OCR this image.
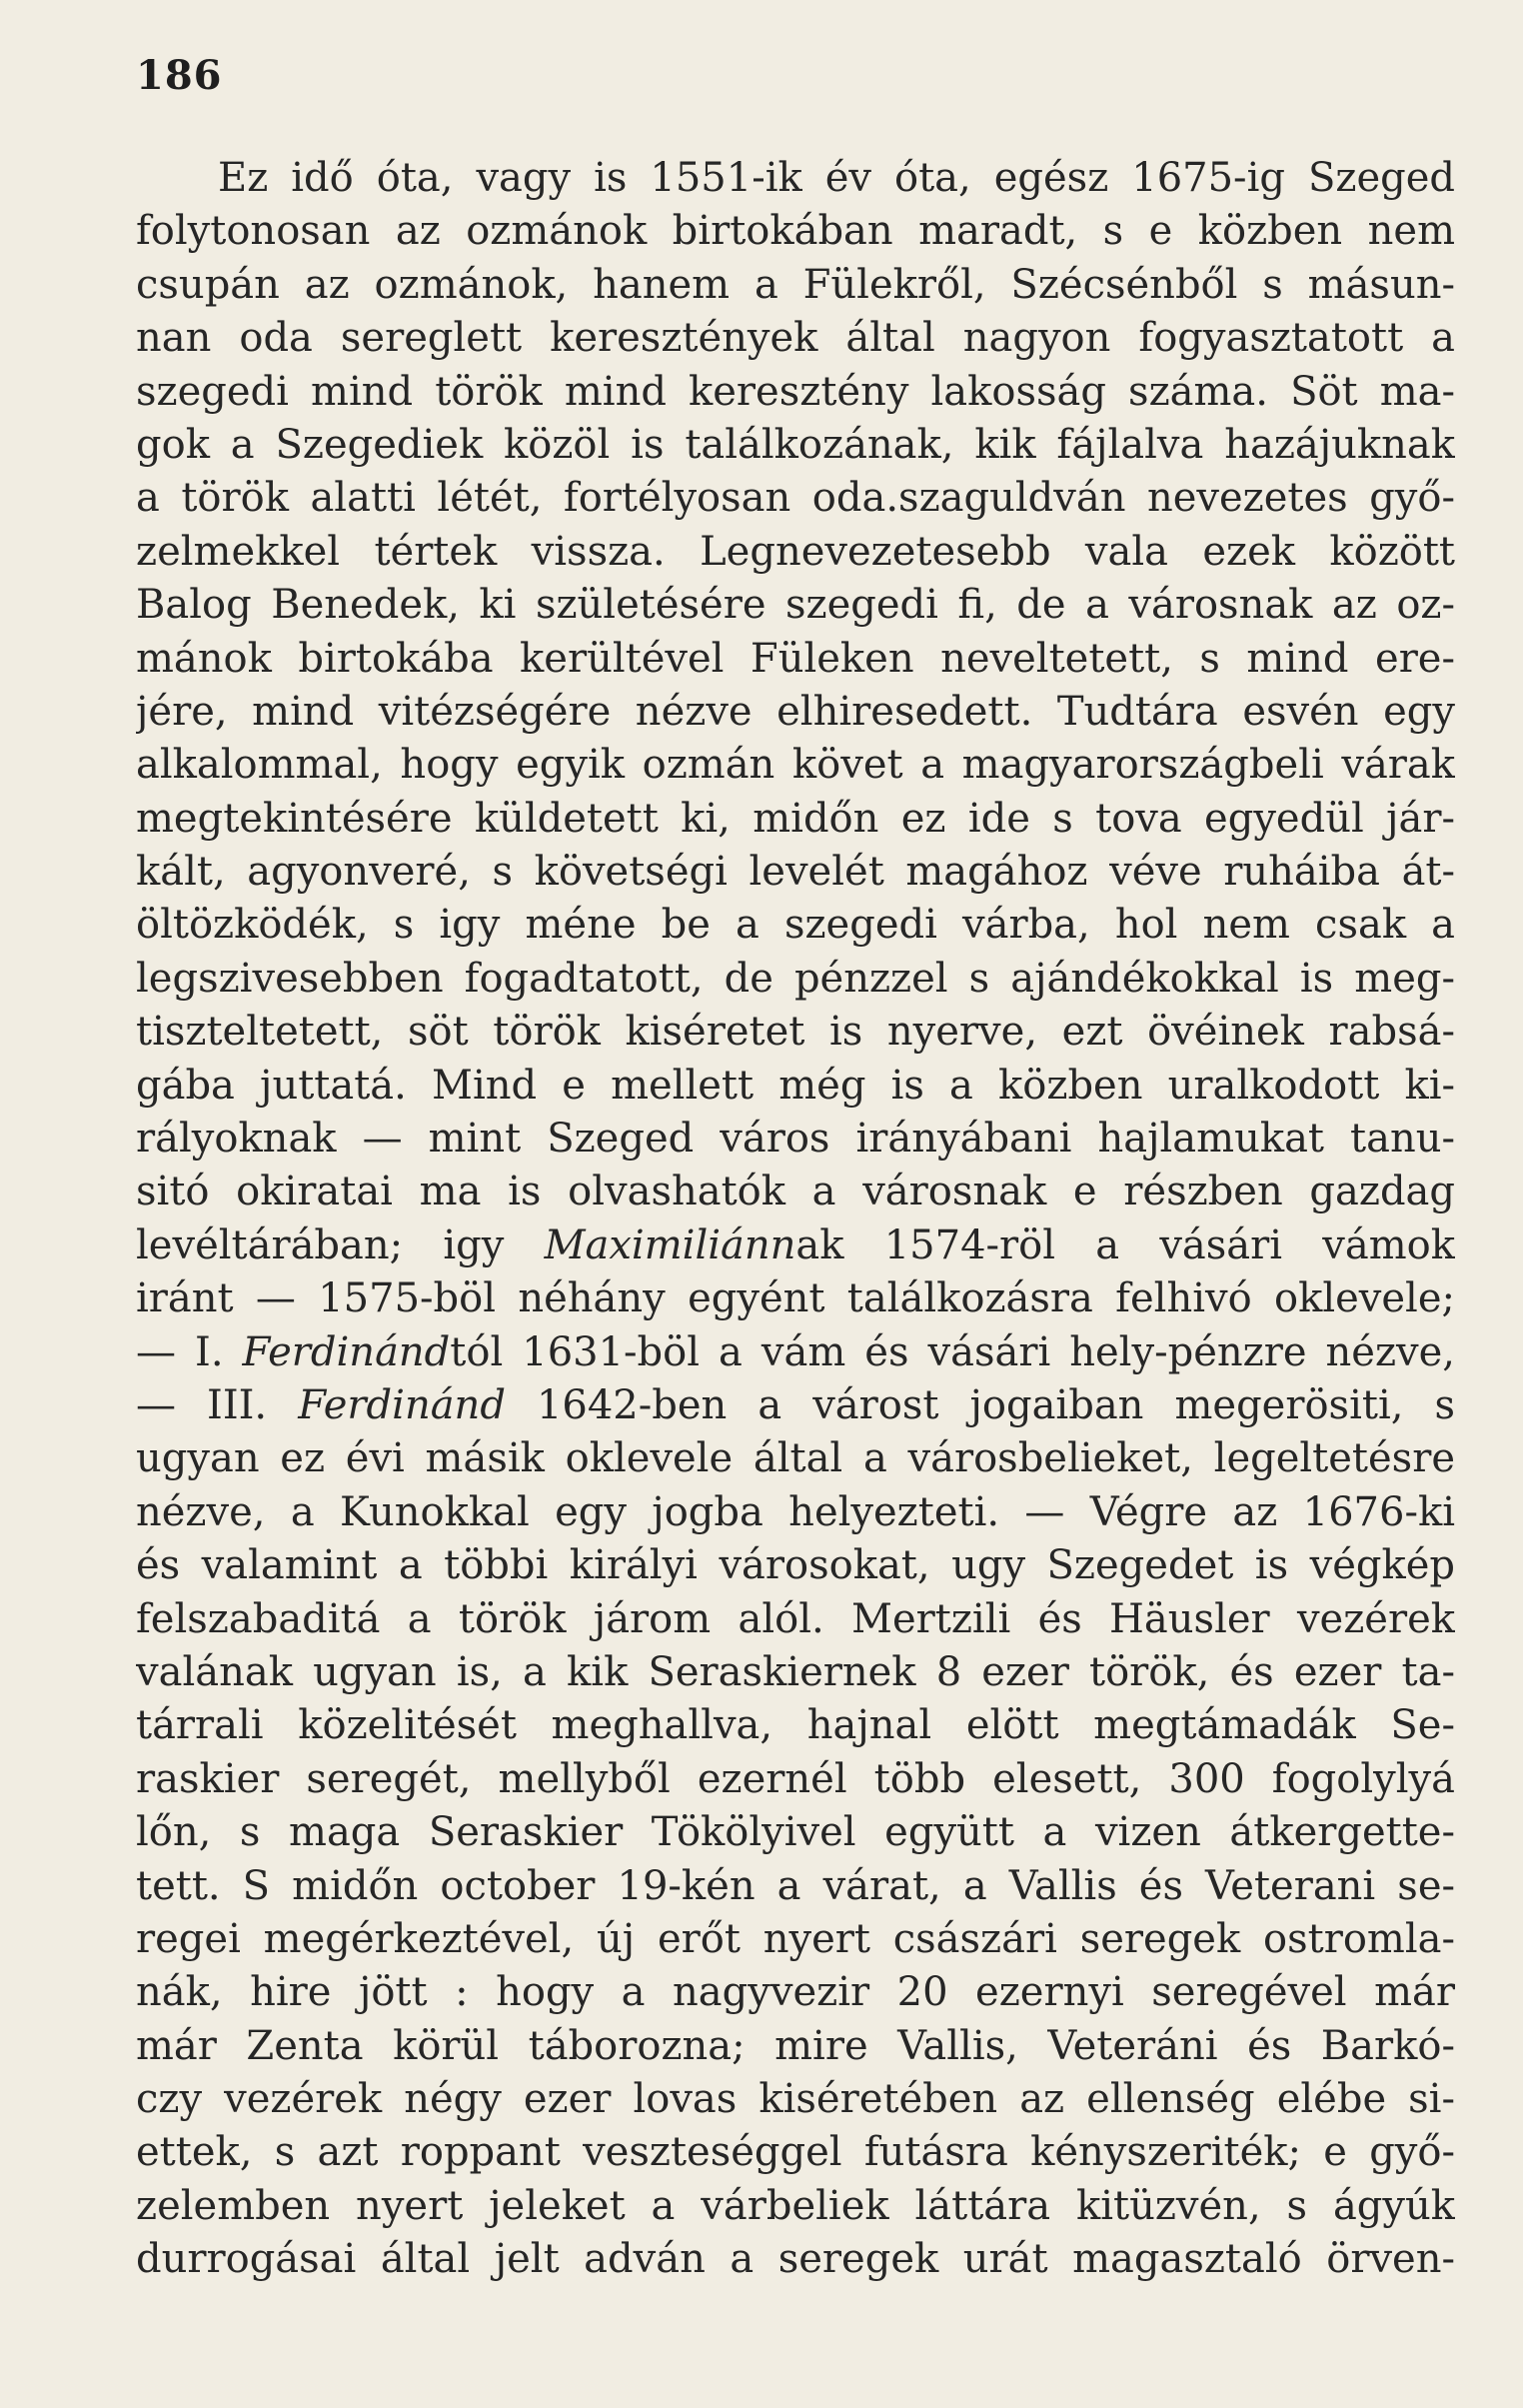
186
Ez idő óta, vagy is 1551-ik év óta, egész 1675-ig Szeged
folytonosan az ozmánok birtokában maradt, s e közben nem
csupán az ozmánok, hanem a Fülekről, Szécsénből s másun-
nan oda sereglett keresztények által nagyon fogyasztatott a
szegedi mind török mind keresztény lakosság száma. Söt ma-
gok a Szegediek közöl is találkozának, kik fájlalva hazájuknak
a török alatti létét, fortélyosan oda.szaguldván nevezetes győ-
zelmekkel tértek vissza. Legnevezetesebb vala ezek között
Balog Benedek, ki születésére szegedi fi, de a városnak az oz-
mánok birtokába kerültével Füleken neveltetett, s mind ere-
jére, mind vitézségére nézve elhiresedett. Tudtára esvén egy
alkalommal, hogy egyik ozmán követ a magyarországbeli várak
megtekintésére küldetett ki, midőn ez ide s tova egyedül jár-
kált, agyonveré, s követségi levelét magához véve ruháiba át-
öltözködék, s igy méne be a szegedi várba, hol nem csak a
legszivesebben fogadtatott, de pénzzel s ajándékokkal is meg-
tiszteltetett, söt török kiséretet is nyerve, ezt övéinek rabsá-
gába juttatá. Mind e mellett még is a közben uralkodott ki-
rályoknak — mint Szeged város irányábani hajlamukat tanu-
sitó okiratai ma is olvashatók a városnak e részben gazdag
levéltárában; igy Maximiliánnak 1574-röl a vásári vámok
iránt — 1575-böl néhány egyént találkozásra felhivó oklevele;
— I. Ferdinándtól 1631-böl a vám és vásári hely-pénzre nézve,
— III. Ferdinánd 1642-ben a várost jogaiban megerösiti, s
ugyan ez évi másik oklevele által a városbelieket, legeltetésre
nézve, a Kunokkal egy jogba helyezteti. — Végre az 1676-ki
és valamint a többi királyi városokat, ugy Szegedet is végkép
felszabaditá a török járom alól. Mertzili és Häusler vezérek
valának ugyan is, a kik Seraskiernek 8 ezer török, és ezer ta-
tárrali közelitését meghallva, hajnal elött megtámadák Se-
raskier seregét, mellyből ezernél több elesett, 300 fogolylyá
lőn, s maga Seraskier Tökölyivel együtt a vizen átkergette-
tett. S midőn october 19-kén a várat, a Vallis és Veterani se-
regei megérkeztével, új erőt nyert császári seregek ostromla-
nák, hire jött : hogy a nagyvezir 20 ezernyi seregével már
már Zenta körül táborozna; mire Vallis, Veteráni és Barkó-
czy vezérek négy ezer lovas kiséretében az ellenség elébe si-
ettek, s azt roppant veszteséggel futásra kényszeriték; e győ-
zelemben nyert jeleket a várbeliek láttára kitüzvén, s ágyúk
durrogásai által jelt adván a seregek urát magasztaló örven-
